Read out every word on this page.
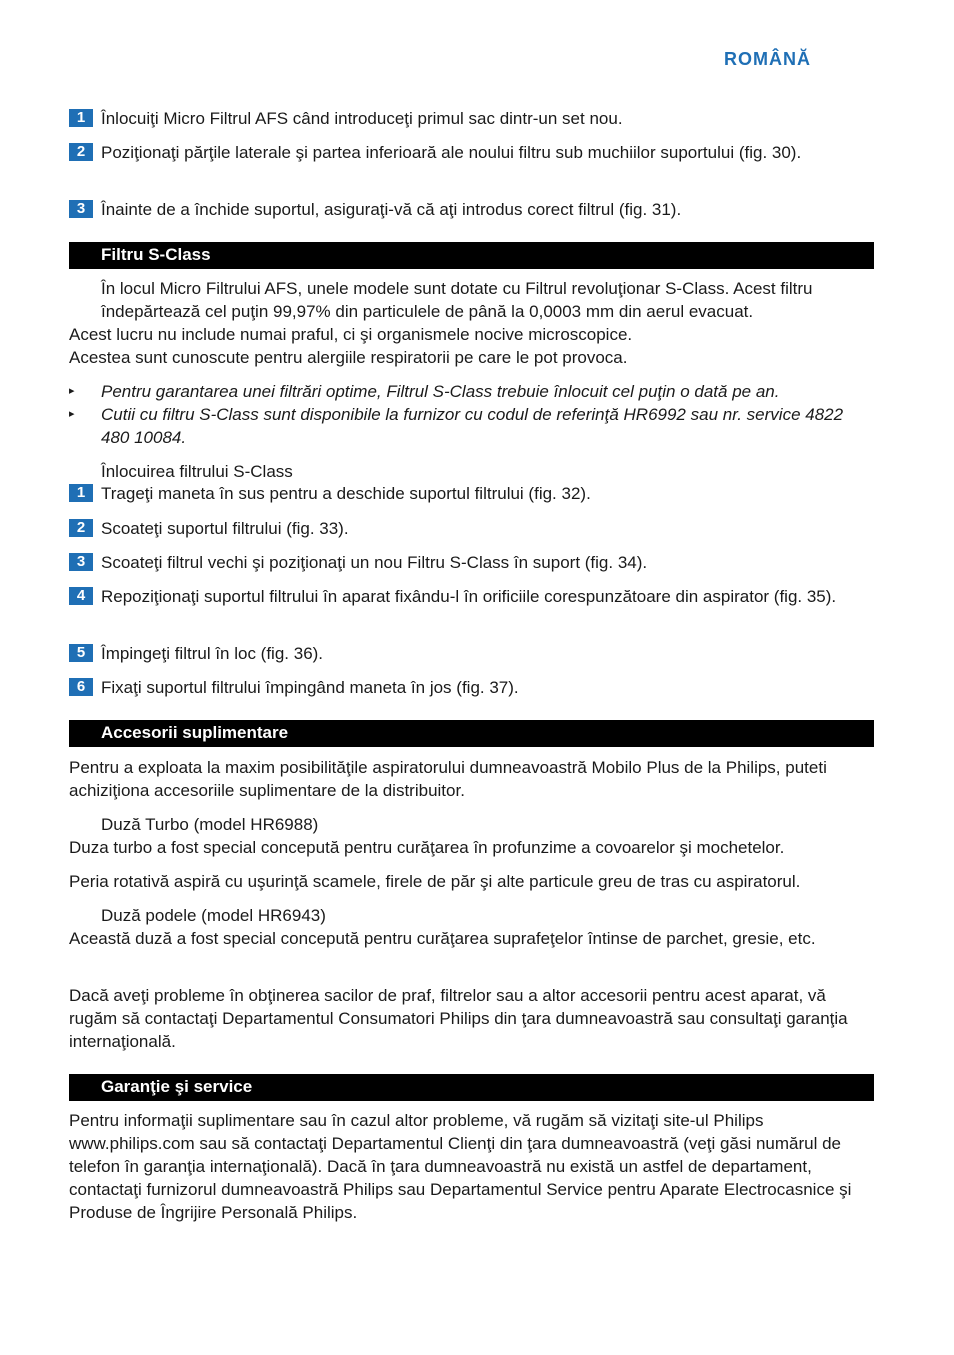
ROMÂNĂ
1 Înlocuiţi Micro Filtrul AFS când introduceţi primul sac dintr-un set nou.
2 Poziţionaţi părţile laterale şi partea inferioară ale noului filtru sub muchiilor suportului (fig. 30).
3 Înainte de a închide suportul, asiguraţi-vă că aţi introdus corect filtrul (fig. 31).
Filtru S-Class
În locul Micro Filtrului AFS, unele modele sunt dotate cu Filtrul revoluţionar S-Class. Acest filtru îndepărtează cel puţin 99,97% din particulele de până la 0,0003 mm din aerul evacuat.
Acest lucru nu include numai praful, ci şi organismele nocive microscopice.
Acestea sunt cunoscute pentru alergiile respiratorii pe care le pot provoca.
▸ Pentru garantarea unei filtrări optime, Filtrul S-Class trebuie înlocuit cel puţin o dată pe an.
▸ Cutii cu filtru S-Class sunt disponibile la furnizor cu codul de referinţă HR6992 sau nr. service 4822 480 10084.
Înlocuirea filtrului S-Class
1 Trageţi maneta în sus pentru a deschide suportul filtrului (fig. 32).
2 Scoateţi suportul filtrului (fig. 33).
3 Scoateţi filtrul vechi şi poziţionaţi un nou Filtru S-Class în suport (fig. 34).
4 Repoziţionaţi suportul filtrului în aparat fixându-l în orificiile corespunzătoare din aspirator (fig. 35).
5 Împingeţi filtrul în loc (fig. 36).
6 Fixaţi suportul filtrului împingând maneta în jos (fig. 37).
Accesorii suplimentare
Pentru a exploata la maxim posibilităţile aspiratorului dumneavoastră Mobilo Plus de la Philips, puteti achiziţiona accesoriile suplimentare de la distribuitor.
Duză Turbo (model HR6988)
Duza turbo a fost special concepută pentru curăţarea în profunzime a covoarelor şi mochetelor.
Peria rotativă aspiră cu uşurinţă scamele, firele de păr şi alte particule greu de tras cu aspiratorul.
Duză podele (model HR6943)
Această duză a fost special concepută pentru curăţarea suprafeţelor întinse de parchet, gresie, etc.
Dacă aveţi probleme în obţinerea sacilor de praf, filtrelor sau a altor accesorii pentru acest aparat, vă rugăm să contactaţi Departamentul Consumatori Philips din ţara dumneavoastră sau consultaţi garanţia internaţională.
Garanţie şi service
Pentru informaţii suplimentare sau în cazul altor probleme, vă rugăm să vizitaţi site-ul Philips www.philips.com sau să contactaţi Departamentul Clienţi din ţara dumneavoastră (veţi găsi numărul de telefon în garanţia internaţională). Dacă în ţara dumneavoastră nu există un astfel de departament, contactaţi furnizorul dumneavoastră Philips sau Departamentul Service pentru Aparate Electrocasnice şi Produse de Îngrijire Personală Philips.
